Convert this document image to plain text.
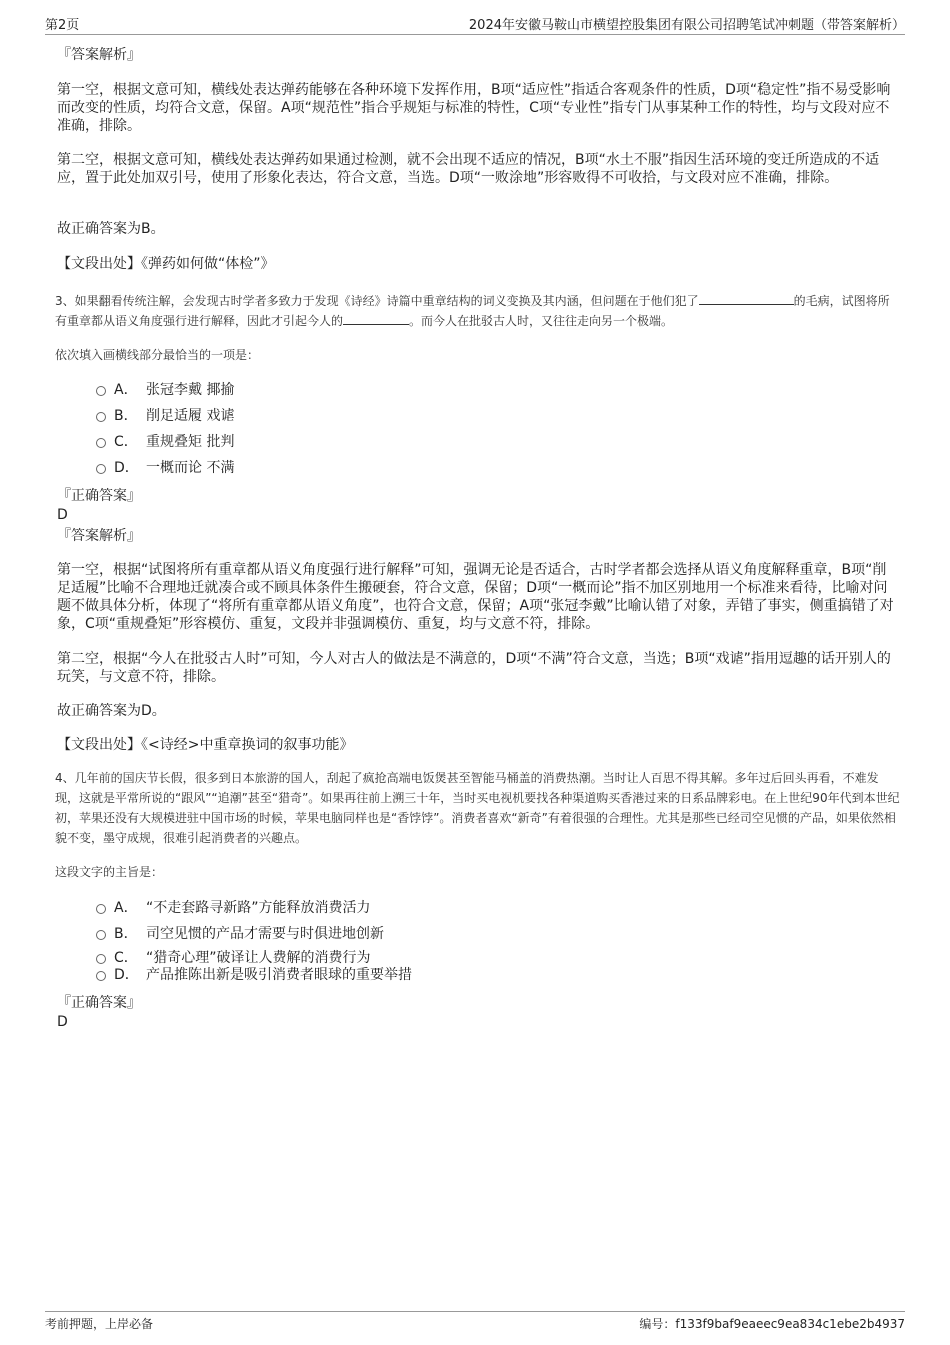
第2页	2024年安徽马鞍山市横望控股集团有限公司招聘笔试冲刺题（带答案解析）
『答案解析』
第一空，根据文意可知，横线处表达弹药能够在各种环境下发挥作用，B项“适应性”指适合客观条件的性质，D项“稳定性”指不易受影响而改变的性质，均符合文意，保留。A项“规范性”指合乎规矩与标准的特性，C项“专业性”指专门从事某种工作的特性，均与文段对应不准确，排除。
第二空，根据文意可知，横线处表达弹药如果通过检测，就不会出现不适应的情况，B项“水土不服”指因生活环境的变迁所造成的不适应，置于此处加双引号，使用了形象化表达，符合文意，当选。D项“一败涂地”形容败得不可收拾，与文段对应不准确，排除。
故正确答案为B。
【文段出处】《弹药如何做“体检”》
3、如果翻看传统注解，会发现古时学者多致力于发现《诗经》诗篇中重章结构的词义变换及其内涵，但问题在于他们犯了	的毛病，试图将所有重章都从语义角度强行进行解释，因此才引起今人的	。而今人在批驳古人时，又往往走向另一个极端。
依次填入画横线部分最恰当的一项是：
A． 张冠李戴 揶揄
B． 削足适履 戏谑
C． 重规叠矩 批判
D． 一概而论 不满
『正确答案』
D
『答案解析』
第一空，根据“试图将所有重章都从语义角度强行进行解释”可知，强调无论是否适合，古时学者都会选择从语义角度解释重章，B项“削足适履”比喻不合理地迁就凑合或不顾具体条件生搬硬套，符合文意，保留；D项“一概而论”指不加区别地用一个标准来看待，比喻对问题不做具体分析，体现了“将所有重章都从语义角度”，也符合文意，保留；A项“张冠李戴”比喻认错了对象，弄错了事实，侧重搞错了对象，C项“重规叠矩”形容模仿、重复，文段并非强调模仿、重复，均与文意不符，排除。
第二空，根据“今人在批驳古人时”可知，今人对古人的做法是不满意的，D项“不满”符合文意，当选；B项“戏谑”指用逗趣的话开别人的玩笑，与文意不符，排除。
故正确答案为D。
【文段出处】《<诗经>中重章换词的叙事功能》
4、几年前的国庆节长假，很多到日本旅游的国人，刮起了疯抢高端电饭煲甚至智能马桶盖的消费热潮。当时让人百思不得其解。多年过后回头再看，不难发现，这就是平常所说的“跟风”“追潮”甚至“猎奇”。如果再往前上溯三十年，当时买电视机要找各种渠道购买香港过来的日系品牌彩电。在上世纪90年代到本世纪初，苹果还没有大规模进驻中国市场的时候，苹果电脑同样也是“香饽饽”。消费者喜欢“新奇”有着很强的合理性。尤其是那些已经司空见惯的产品，如果依然相貌不变，墨守成规，很难引起消费者的兴趣点。
这段文字的主旨是：
A． “不走套路寻新路”方能释放消费活力
B． 司空见惯的产品才需要与时俱进地创新
C． “猎奇心理”破译让人费解的消费行为
D． 产品推陈出新是吸引消费者眼球的重要举措
『正确答案』
D
考前押题，上岸必备	编号：f133f9baf9eaeec9ea834c1ebe2b4937
